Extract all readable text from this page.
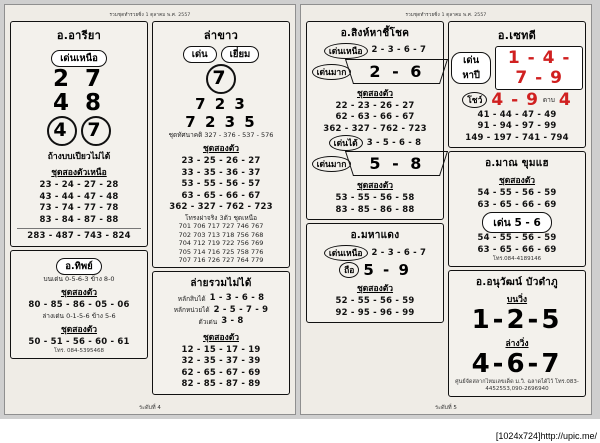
รวมชุดทำรวยซิ่ง 1 ตุลาคม พ.ศ. 2557
อ.อารียา
เด่นเหนือ
2 7
4 8
4 7
ถ้างบบเปียวไม่ได้
ชุดสองตัวเหนือ
23 - 24 - 27 - 28
43 - 44 - 47 - 48
73 - 74 - 77 - 78
83 - 84 - 87 - 88
283 - 487 - 743 - 824
อ.ทิพย์
บนเด่น 0-5-6-3 ข้าง 8-0
ชุดสองตัว
80 - 85 - 86 - 05 - 06
ล่างเด่น 0-1-5-6 ข้าง 5-6
ชุดสองตัว
50 - 51 - 56 - 60 - 61
โทร. 084-5395468
ล่าขาว
เด่น	เยี่ยม
7
7 2 3
7 2 3 5
ชุดทัศนาคติ 327 - 376 - 537 - 576
ชุดสองตัว
23 - 25 - 26 - 27
33 - 35 - 36 - 37
53 - 55 - 56 - 57
63 - 65 - 66 - 67
362 - 327 - 762 - 723
โทรงผ่าจริง 3ตัว ชุดเหนือ
701 706 717 727 746 767
702 703 713 718 756 768
704 712 719 722 756 769
705 714 716 725 758 776
707 716 726 727 764 779
ล่ายรวมไม่ได้
หลักสิบได้ 1 - 3 - 6 - 8
หลักหน่วยได้ 2 - 5 - 7 - 9
ตัวเด่น 3 - 8
ชุดสองตัว
12 - 15 - 17 - 19
32 - 35 - 37 - 39
62 - 65 - 67 - 69
82 - 85 - 87 - 89
ระดับที่ 4
รวมชุดทำรวยซิ่ง 1 ตุลาคม พ.ศ. 2557
อ.สิงห์หาชี้โชค
เด่นเหนือ	2 - 3 - 6 - 7
เด่นมาก	2 - 6
ชุดสองตัว
22 - 23 - 26 - 27
62 - 63 - 66 - 67
362 - 327 - 762 - 723
เด่นได้	3 - 5 - 6 - 8
เด่นมาก	5 - 8
ชุดสองตัว
53 - 55 - 56 - 58
83 - 85 - 86 - 88
อ.มหาแดง
เด่นเหนือ	2 - 3 - 6 - 7
ถือ 5 - 9
ชุดสองตัว
52 - 55 - 56 - 59
92 - 95 - 96 - 99
อ.เซทดี
เด่นหาปี
1 - 4 - 7 - 9
โชว์ 4 - 9 ดาบ 4
41 - 44 - 47 - 49
91 - 94 - 97 - 99
149 - 197 - 741 - 794
อ.มาณ ขุมแฮ
ชุดสองตัว
54 - 55 - 56 - 59
63 - 65 - 66 - 69
เด่น 5 - 6
54 - 55 - 56 - 59
63 - 65 - 66 - 69
โทร.084-4189146
อ.อนุวัฒน์ บัวดำภู
บนวิ่ง
1-2-5
ล่างวิ่ง
4-6-7
ศูนย์จัดสลากไหมเลขเด็ด ม.วิ. ฉลาดได้ไว้ โทร.083-4452553,090-2696940
ระดับที่ 5
[1024x724]http://upic.me/
